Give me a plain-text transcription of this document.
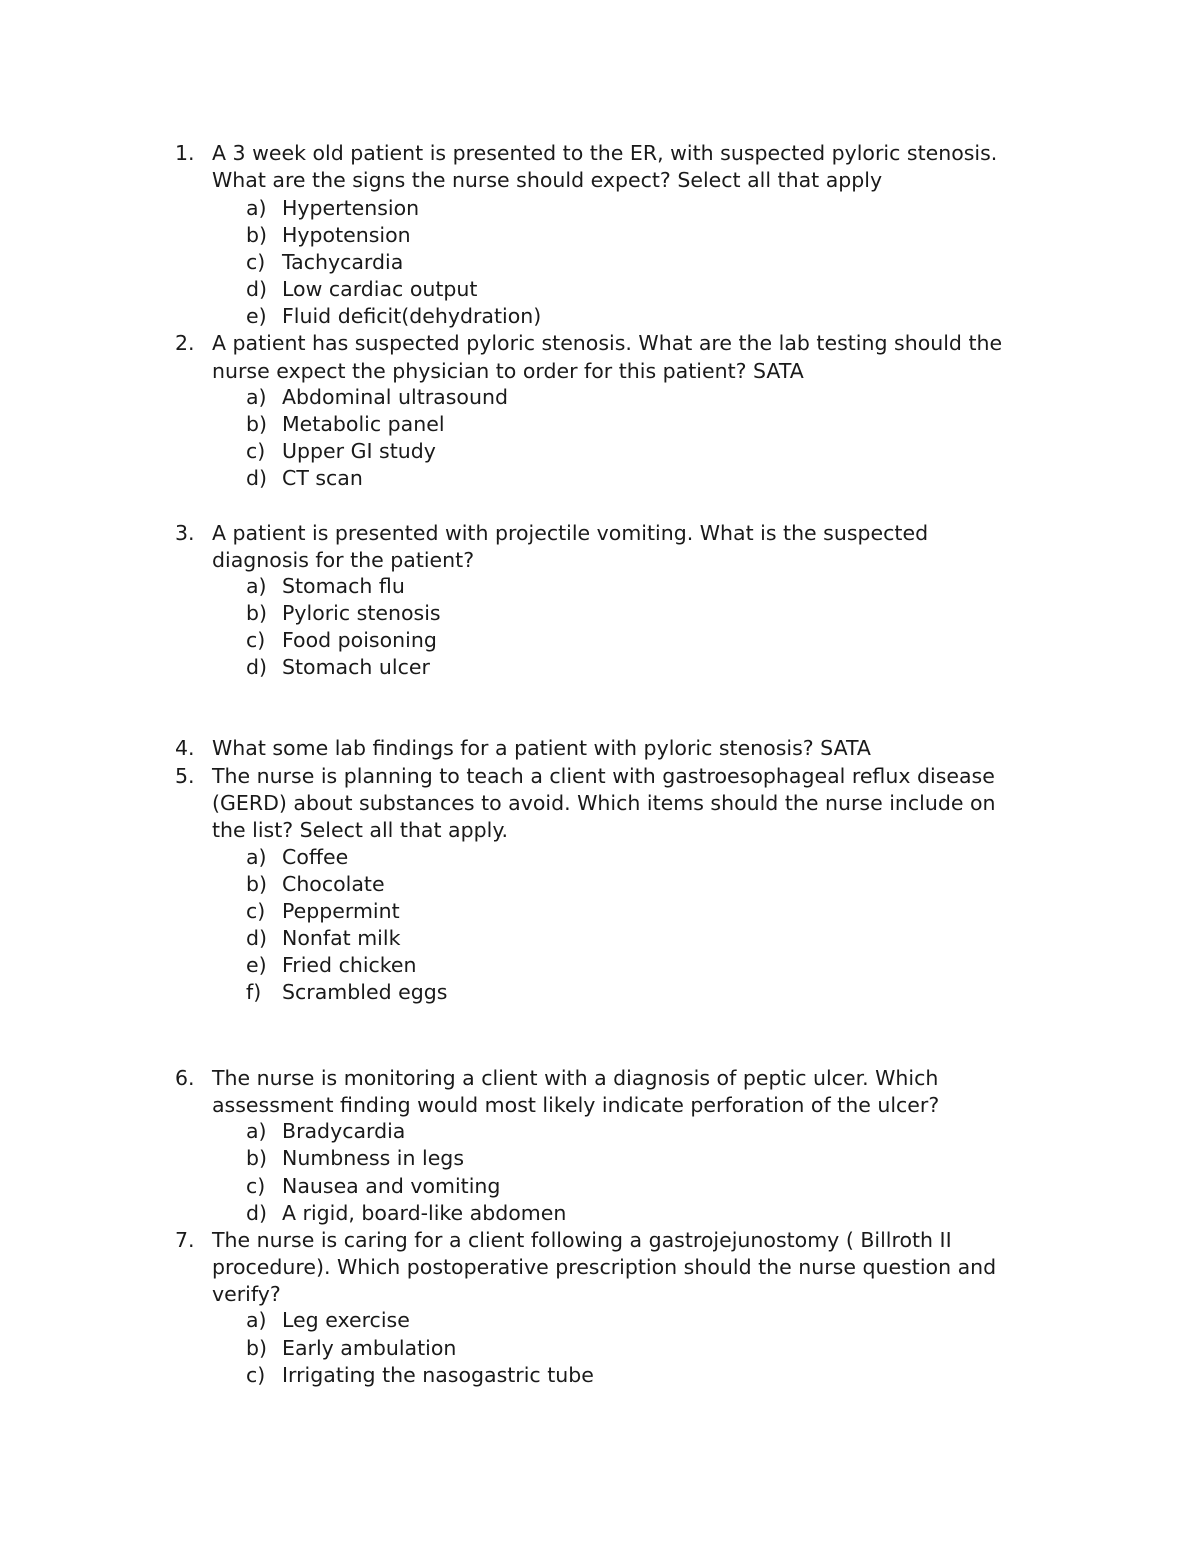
1. A 3 week old patient is presented to the ER, with suspected pyloric stenosis.
What are the signs the nurse should expect? Select all that apply
a) Hypertension
b) Hypotension
c) Tachycardia
d) Low cardiac output
e) Fluid deficit(dehydration)
2. A patient has suspected pyloric stenosis. What are the lab testing should the
nurse expect the physician to order for this patient? SATA
a) Abdominal ultrasound
b) Metabolic panel
c) Upper GI study
d) CT scan
3. A patient is presented with projectile vomiting. What is the suspected
diagnosis for the patient?
a) Stomach flu
b) Pyloric stenosis
c) Food poisoning
d) Stomach ulcer
4. What some lab findings for a patient with pyloric stenosis? SATA
5. The nurse is planning to teach a client with gastroesophageal reflux disease
(GERD) about substances to avoid. Which items should the nurse include on
the list? Select all that apply.
a) Coffee
b) Chocolate
c) Peppermint
d) Nonfat milk
e) Fried chicken
f)	Scrambled eggs
6. The nurse is monitoring a client with a diagnosis of peptic ulcer. Which
assessment finding would most likely indicate perforation of the ulcer?
a) Bradycardia
b) Numbness in legs
c) Nausea and vomiting
d) A rigid, board-like abdomen
7. The nurse is caring for a client following a gastrojejunostomy ( Billroth II
procedure). Which postoperative prescription should the nurse question and
verify?
a) Leg exercise
b) Early ambulation
c) Irrigating the nasogastric tube
